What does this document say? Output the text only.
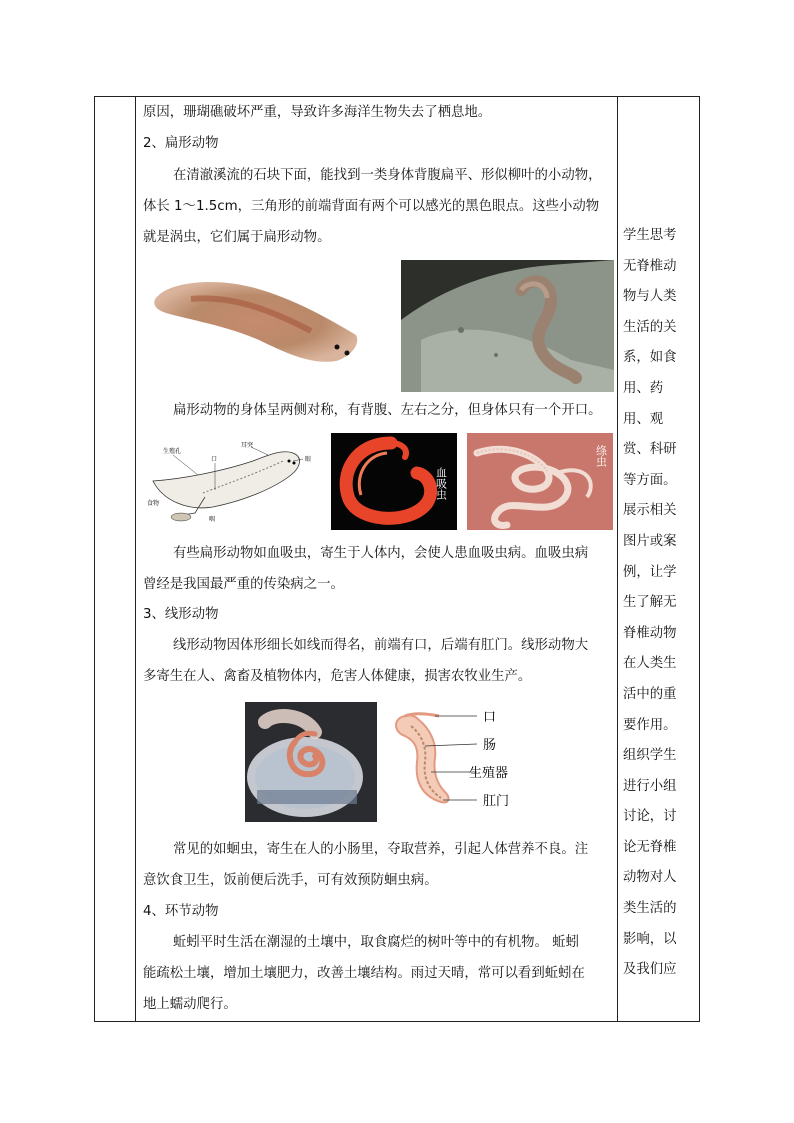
原因，珊瑚礁破坏严重，导致许多海洋生物失去了栖息地。
2、扁形动物
在清澈溪流的石块下面，能找到一类身体背腹扁平、形似柳叶的小动物，
体长 1～1.5cm，三角形的前端背面有两个可以感光的黑色眼点。这些小动物
就是涡虫，它们属于扁形动物。
扁形动物的身体呈两侧对称，有背腹、左右之分，但身体只有一个开口。
生殖孔
耳突
口	眼
食物
咽
血吸虫
绦虫
有些扁形动物如血吸虫，寄生于人体内，会使人患血吸虫病。血吸虫病
曾经是我国最严重的传染病之一。
3、线形动物
线形动物因体形细长如线而得名，前端有口，后端有肛门。线形动物大
多寄生在人、禽畜及植物体内，危害人体健康，损害农牧业生产。
口
肠
生殖器
肛门
常见的如蛔虫，寄生在人的小肠里，夺取营养，引起人体营养不良。注
意饮食卫生，饭前便后洗手，可有效预防蛔虫病。
4、环节动物
蚯蚓平时生活在潮湿的土壤中，取食腐烂的树叶等中的有机物。 蚯蚓
能疏松土壤，增加土壤肥力，改善土壤结构。雨过天晴，常可以看到蚯蚓在
地上蠕动爬行。
学生思考无脊椎动物与人类生活的关系，如食用、药用、观赏、科研等方面。展示相关图片或案例，让学生了解无脊椎动物在人类生活中的重要作用。组织学生进行小组讨论，讨论无脊椎动物对人类生活的影响，以及我们应
